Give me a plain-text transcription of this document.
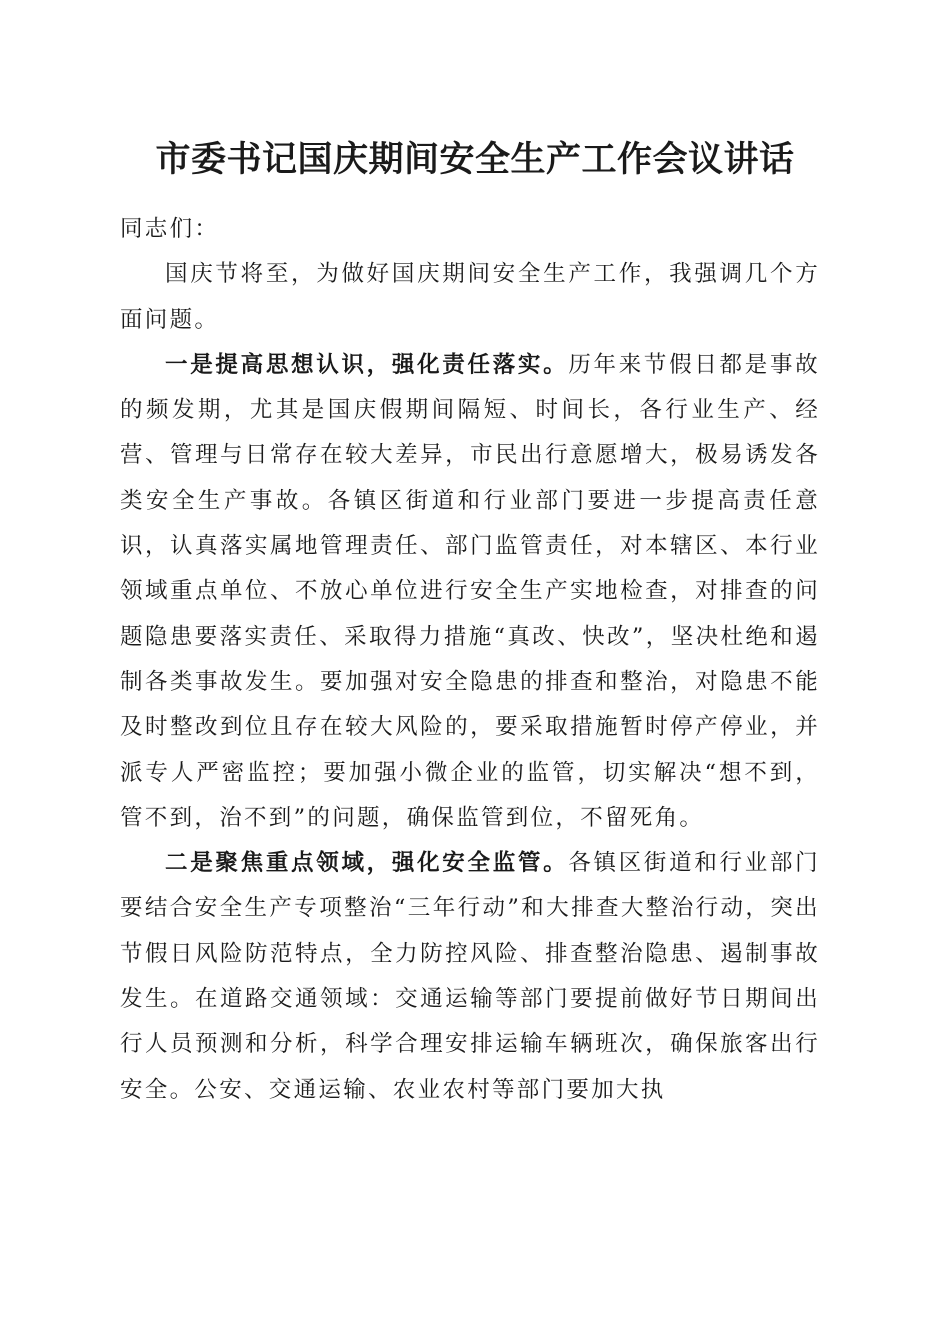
市委书记国庆期间安全生产工作会议讲话

同志们：

国庆节将至，为做好国庆期间安全生产工作，我强调几个方面问题。

一是提高思想认识，强化责任落实。历年来节假日都是事故的频发期，尤其是国庆假期间隔短、时间长，各行业生产、经营、管理与日常存在较大差异，市民出行意愿增大，极易诱发各类安全生产事故。各镇区街道和行业部门要进一步提高责任意识，认真落实属地管理责任、部门监管责任，对本辖区、本行业领域重点单位、不放心单位进行安全生产实地检查，对排查的问题隐患要落实责任、采取得力措施“真改、快改”，坚决杜绝和遏制各类事故发生。要加强对安全隐患的排查和整治，对隐患不能及时整改到位且存在较大风险的，要采取措施暂时停产停业，并派专人严密监控；要加强小微企业的监管，切实解决“想不到，管不到，治不到”的问题，确保监管到位，不留死角。

二是聚焦重点领域，强化安全监管。各镇区街道和行业部门要结合安全生产专项整治“三年行动”和大排查大整治行动，突出节假日风险防范特点，全力防控风险、排查整治隐患、遏制事故发生。在道路交通领域：交通运输等部门要提前做好节日期间出行人员预测和分析，科学合理安排运输车辆班次，确保旅客出行安全。公安、交通运输、农业农村等部门要加大执
